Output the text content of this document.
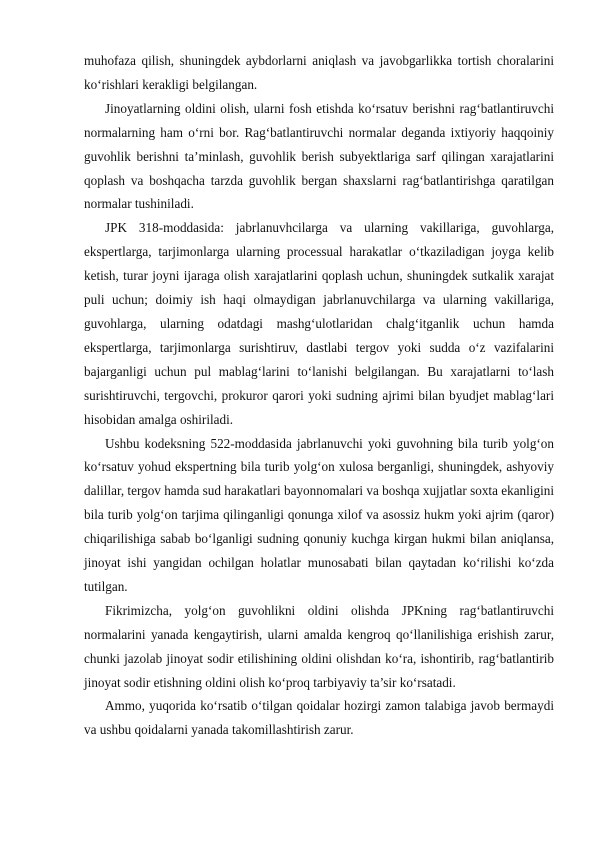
muhofaza qilish, shuningdek aybdorlarni aniqlash va javobgarlikka tortish choralarini ko‘rishlari kerakligi belgilangan.

Jinoyatlarning oldini olish, ularni fosh etishda ko‘rsatuv berishni rag‘batlantiruvchi normalarning ham o‘rni bor. Rag‘batlantiruvchi normalar deganda ixtiyoriy haqqoiniy guvohlik berishni ta’minlash, guvohlik berish subyektlariga sarf qilingan xarajatlarini qoplash va boshqacha tarzda guvohlik bergan shaxslarni rag‘batlantirishga qaratilgan normalar tushiniladi.

JPK 318-moddasida: jabrlanuvhcilarga va ularning vakillariga, guvohlarga, ekspertlarga, tarjimonlarga ularning processual harakatlar o‘tkaziladigan joyga kelib ketish, turar joyni ijaraga olish xarajatlarini qoplash uchun, shuningdek sutkalik xarajat puli uchun; doimiy ish haqi olmaydigan jabrlanuvchilarga va ularning vakillariga, guvohlarga, ularning odatdagi mashg‘ulotlaridan chalg‘itganlik uchun hamda ekspertlarga, tarjimonlarga surishtiruv, dastlabi tergov yoki sudda o‘z vazifalarini bajarganligi uchun pul mablag‘larini to‘lanishi belgilangan. Bu xarajatlarni to‘lash surishtiruvchi, tergovchi, prokuror qarori yoki sudning ajrimi bilan byudjet mablag‘lari hisobidan amalga oshiriladi.

Ushbu kodeksning 522-moddasida jabrlanuvchi yoki guvohning bila turib yolg‘on ko‘rsatuv yohud ekspertning bila turib yolg‘on xulosa berganligi, shuningdek, ashyoviy dalillar, tergov hamda sud harakatlari bayonnomalari va boshqa xujjatlar soxta ekanligini bila turib yolg‘on tarjima qilinganligi qonunga xilof va asossiz hukm yoki ajrim (qaror) chiqarilishiga sabab bo‘lganligi sudning qonuniy kuchga kirgan hukmi bilan aniqlansa, jinoyat ishi yangidan ochilgan holatlar munosabati bilan qaytadan ko‘rilishi ko‘zda tutilgan.

Fikrimizcha, yolg‘on guvohlikni oldini olishda JPKning rag‘batlantiruvchi normalarini yanada kengaytirish, ularni amalda kengroq qo‘llanilishiga erishish zarur, chunki jazolab jinoyat sodir etilishining oldini olishdan ko‘ra, ishontirib, rag‘batlantirib jinoyat sodir etishning oldini olish ko‘proq tarbiyaviy ta’sir ko‘rsatadi.

Ammo, yuqorida ko‘rsatib o‘tilgan qoidalar hozirgi zamon talabiga javob bermaydi va ushbu qoidalarni yanada takomillashtirish zarur.
